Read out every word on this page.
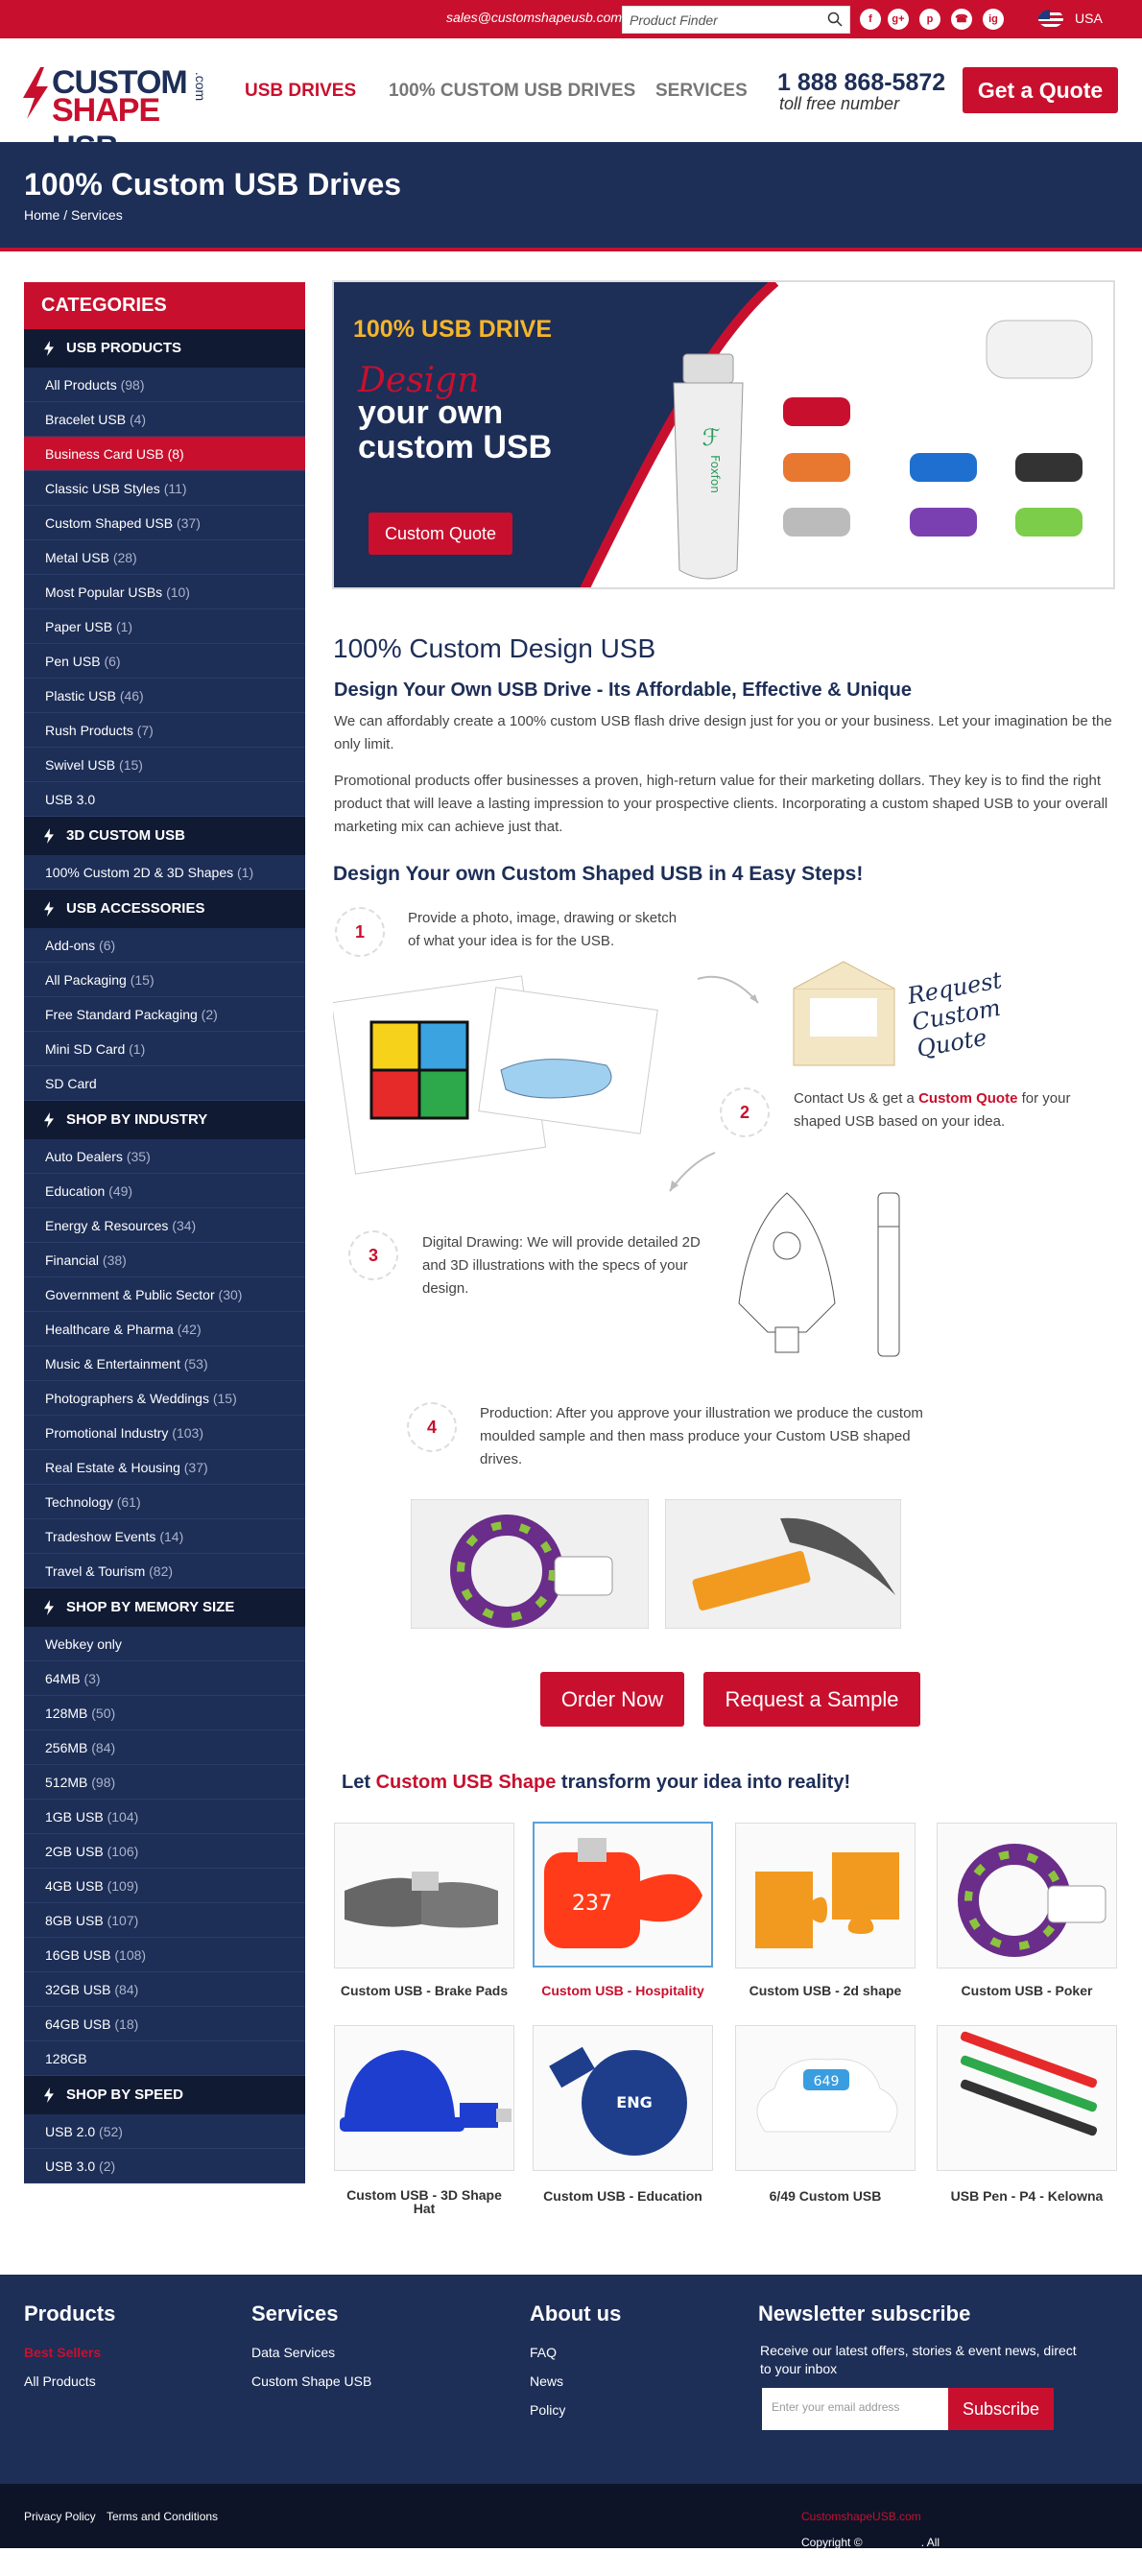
sales@customshapeusb.com Product Finder	f	g+	p	☎	ig	USA
CUSTOM
SHAPE
.com USB DRIVES 100% CUSTOM USB DRIVES SERVICES 1 888 868-5872
toll free number
Get a Quote
100% Custom USB Drives
Home / Services
CATEGORIES
USB PRODUCTS
All Products (98)
Bracelet USB (4)
Business Card USB (8)
Classic USB Styles (11)
Custom Shaped USB (37)
Metal USB (28)
Most Popular USBs (10)
Paper USB (1)
Pen USB (6)
Plastic USB (46)
Rush Products (7)
Swivel USB (15)
USB 3.0
3D CUSTOM USB
100% Custom 2D & 3D Shapes (1)
USB ACCESSORIES
Add-ons (6)
All Packaging (15)
Free Standard Packaging (2)
Mini SD Card (1)
SD Card
SHOP BY INDUSTRY
Auto Dealers (35)
Education (49)
Energy & Resources (34)
Financial (38)
Government & Public Sector (30)
Healthcare & Pharma (42)
Music & Entertainment (53)
Photographers & Weddings (15)
Promotional Industry (103)
Real Estate & Housing (37)
Technology (61)
Tradeshow Events (14)
Travel & Tourism (82)
SHOP BY MEMORY SIZE
Webkey only
64MB (3)
128MB (50)
256MB (84)
512MB (98)
1GB USB (104)
2GB USB (106)
4GB USB (109)
8GB USB (107)
16GB USB (108)
32GB USB (84)
64GB USB (18)
128GB
SHOP BY SPEED
USB 2.0 (52)
USB 3.0 (2)
ℱ
Foxfon
100% USB DRIVE
Design
your own
custom USB
Custom Quote
100% Custom Design USB
Design Your Own USB Drive - Its Affordable, Effective & Unique
We can affordably create a 100% custom USB flash drive design just for you or your business. Let your imagination be the only limit.
Promotional products offer businesses a proven, high-return value for their marketing dollars. They key is to find the right product that will leave a lasting impression to your prospective clients. Incorporating a custom shaped USB to your overall marketing mix can achieve just that.
Design Your own Custom Shaped USB in 4 Easy Steps!
1
Provide a photo, image, drawing or sketch of what your idea is for the USB.
Request Custom Quote
2
Contact Us & get a Custom Quote for your shaped USB based on your idea.
3
Digital Drawing: We will provide detailed 2D and 3D illustrations with the specs of your design.
4
Production: After you approve your illustration we produce the custom moulded sample and then mass produce your Custom USB shaped drives.
Order Now	Request a Sample
Let Custom USB Shape transform your idea into reality!
Custom USB - Brake Pads
237
Custom USB - Hospitality	Custom USB - 2d shape	Custom USB - Poker
Custom USB - 3D Shape Hat
ENG
Custom USB - Education
649
6/49 Custom USB	USB Pen - P4 - Kelowna
Products
Best Sellers
All Products
Services
Data Services
Custom Shape USB
About us
FAQ
News
Policy
Newsletter subscribe
Receive our latest offers, stories & event news, direct to your inbox
Enter your email address	Subscribe
Privacy Policy Terms and Conditions
Copyright ©
CustomshapeUSB.com
. All Rights Reserved.
